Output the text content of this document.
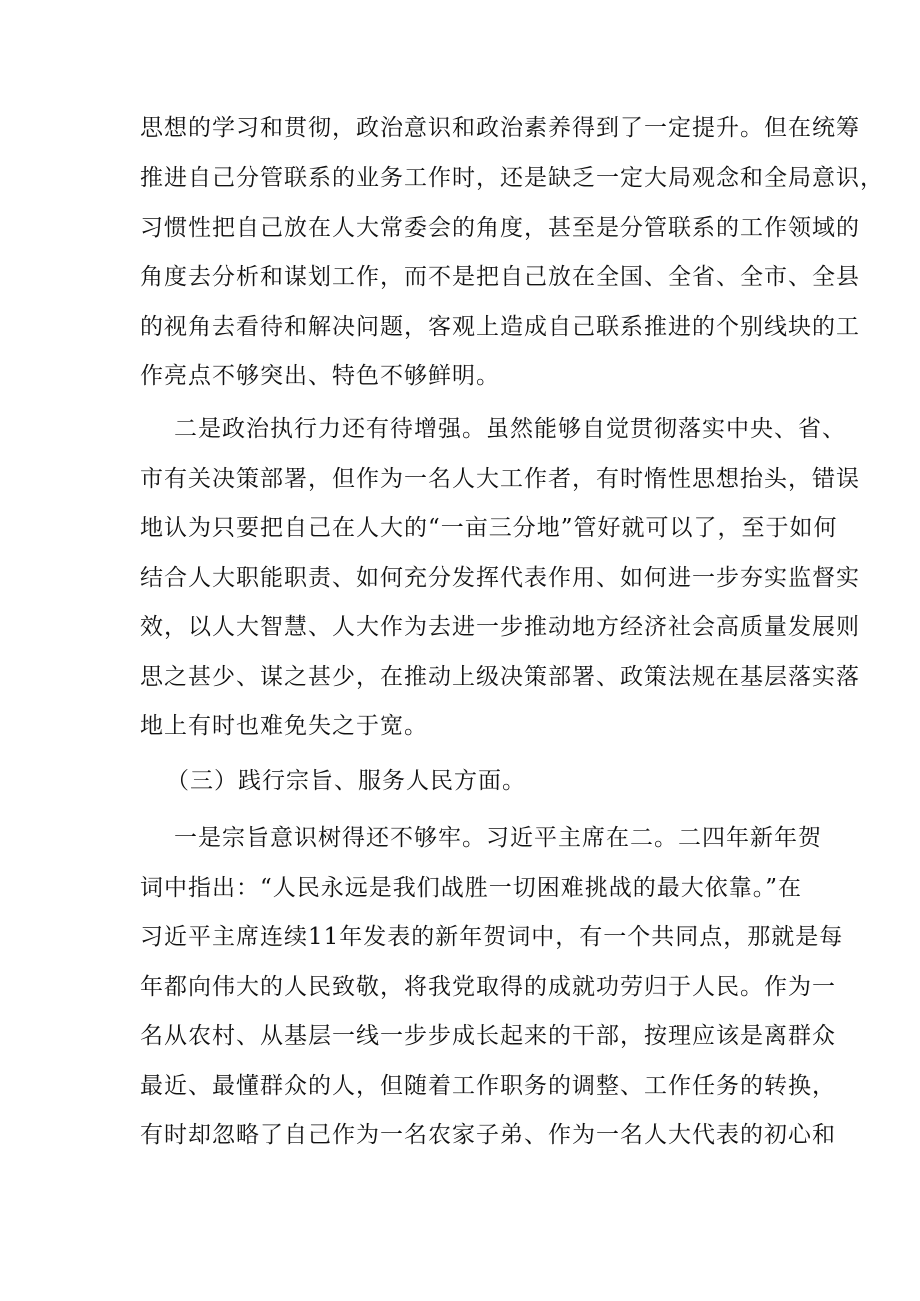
思想的学习和贯彻，政治意识和政治素养得到了一定提升。但在统筹
推进自己分管联系的业务工作时，还是缺乏一定大局观念和全局意识，
习惯性把自己放在人大常委会的角度，甚至是分管联系的工作领域的
角度去分析和谋划工作，而不是把自己放在全国、全省、全市、全县
的视角去看待和解决问题，客观上造成自己联系推进的个别线块的工
作亮点不够突出、特色不够鲜明。
二是政治执行力还有待增强。虽然能够自觉贯彻落实中央、省、
市有关决策部署，但作为一名人大工作者，有时惰性思想抬头，错误
地认为只要把自己在人大的“一亩三分地”管好就可以了，至于如何
结合人大职能职责、如何充分发挥代表作用、如何进一步夯实监督实
效，以人大智慧、人大作为去进一步推动地方经济社会高质量发展则
思之甚少、谋之甚少，在推动上级决策部署、政策法规在基层落实落
地上有时也难免失之于宽。
（三）践行宗旨、服务人民方面。
一是宗旨意识树得还不够牢。习近平主席在二。二四年新年贺
词中指出：“人民永远是我们战胜一切困难挑战的最大依靠。”在
习近平主席连续11年发表的新年贺词中，有一个共同点，那就是每
年都向伟大的人民致敬，将我党取得的成就功劳归于人民。作为一
名从农村、从基层一线一步步成长起来的干部，按理应该是离群众
最近、最懂群众的人，但随着工作职务的调整、工作任务的转换，
有时却忽略了自己作为一名农家子弟、作为一名人大代表的初心和
